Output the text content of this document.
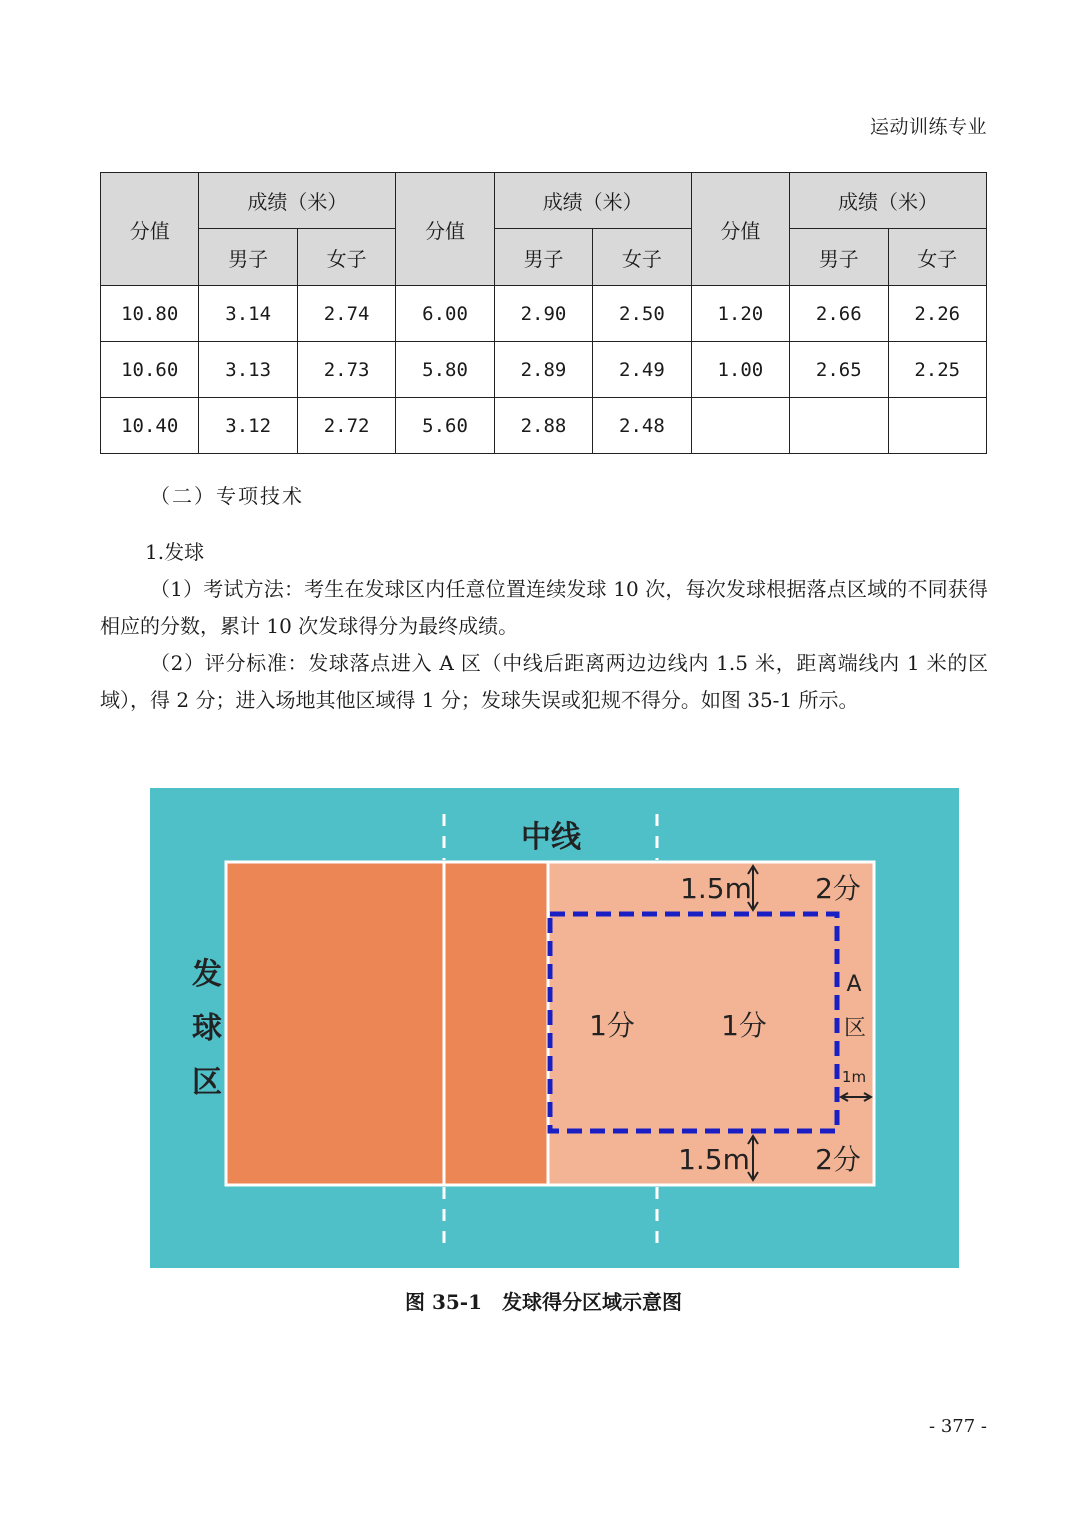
运动训练专业
分值	成绩（米）		分值	成绩（米）		分值	成绩（米）	
	男子	女子		男子	女子		男子	女子
10.80	3.14	2.74	6.00	2.90	2.50	1.20	2.66	2.26
10.60	3.13	2.73	5.80	2.89	2.49	1.00	2.65	2.25
10.40	3.12	2.72	5.60	2.88	2.48			
（二）专项技术
1.发球
（1）考试方法：考生在发球区内任意位置连续发球 10 次，每次发球根据落点区域的不同获得相应的分数，累计 10 次发球得分为最终成绩。
（2）评分标准：发球落点进入 A 区（中线后距离两边边线内 1.5 米，距离端线内 1 米的区域），得 2 分；进入场地其他区域得 1 分；发球失误或犯规不得分。如图 35-1 所示。
中线
发
球
区
1.5m
1.5m
2分
2分
1分	1分
A
区
1m
图 35-1　发球得分区域示意图
- 377 -
